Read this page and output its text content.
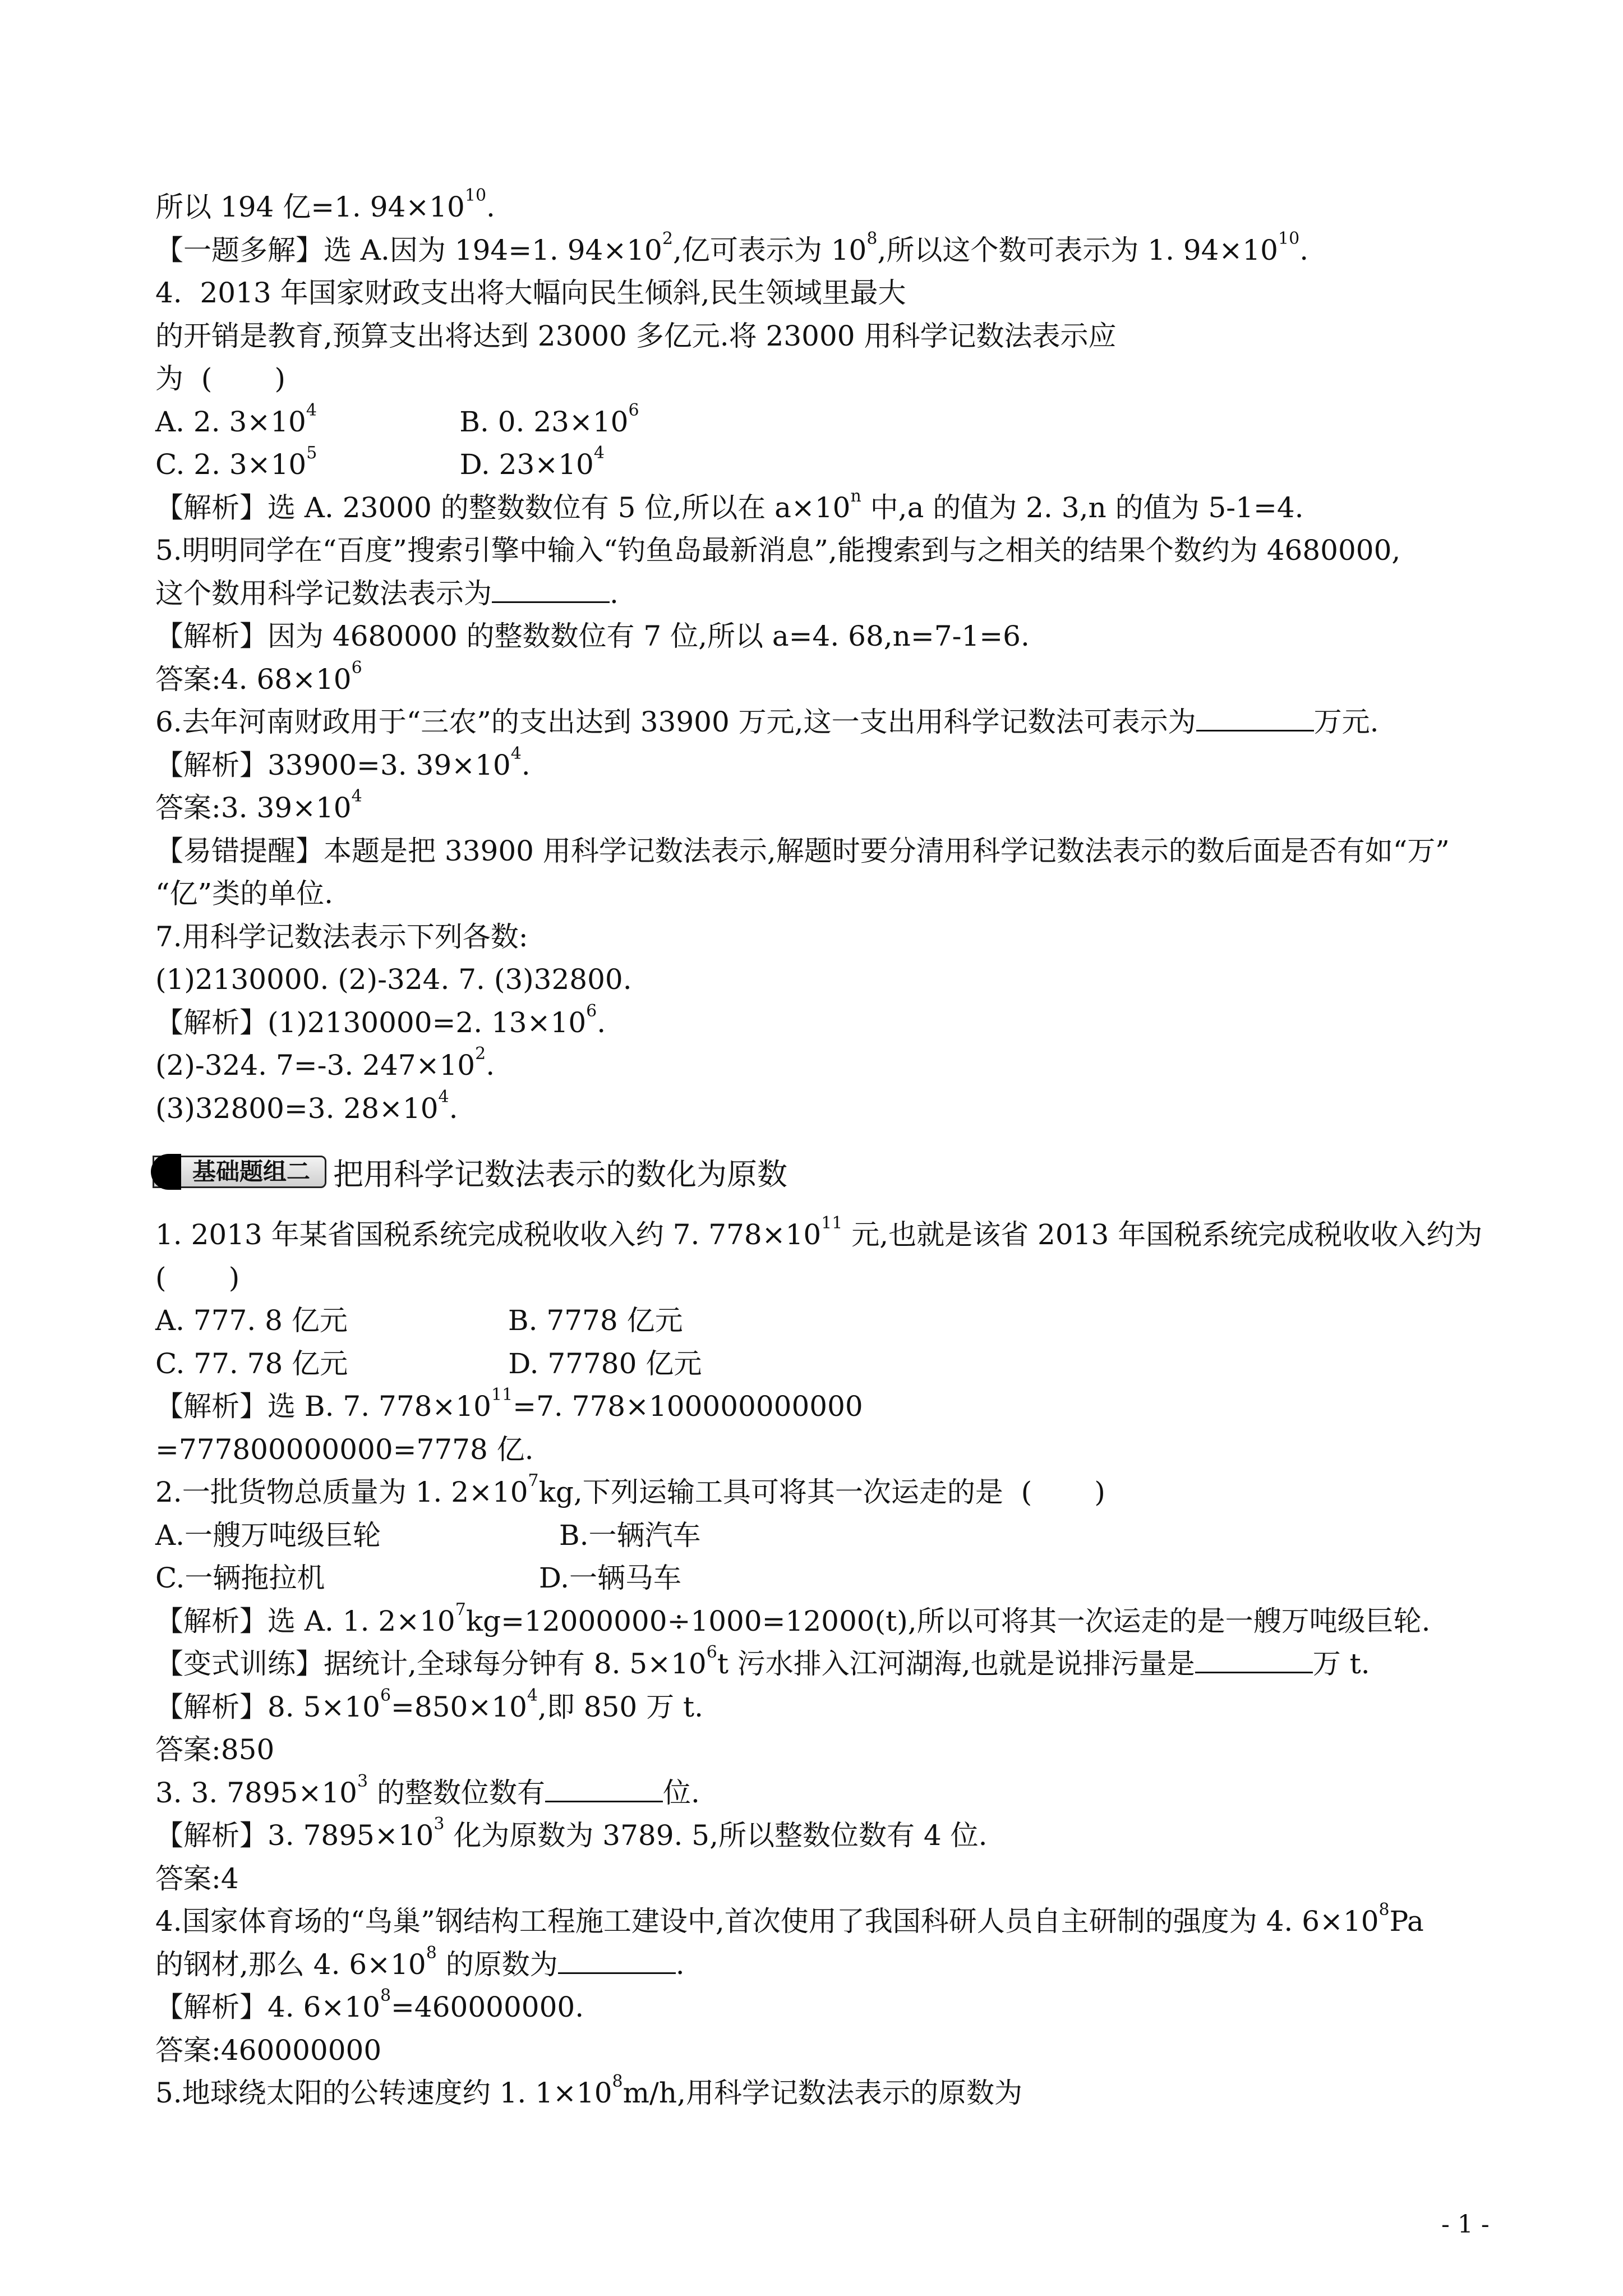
所以 194 亿=1. $94\times 10^{10}$.
【一题多解】选 A.因为 194=1. $94\times 10^2$,亿可表示为 $10^8$,所以这个数可表示为 1. $94\times 10^{10}$.
4.  2013 年国家财政支出将大幅向民生倾斜,民生领域里最大
的开销是教育,预算支出将达到 23000 多亿元.将 23000 用科学记数法表示应
为  (       )
A. 2. $3\times 10^4$                B. 0. $23\times 10^6$
C. 2. $3\times 10^5$                D. $23\times 10^4$
【解析】选 A. 23000 的整数数位有 5 位,所以在 $a\times 10^n$ 中,a 的值为 2. 3,n 的值为 5-1=4.
5.明明同学在“百度”搜索引擎中输入“钓鱼岛最新消息”,能搜索到与之相关的结果个数约为 4680000,
这个数用科学记数法表示为	.
【解析】因为 4680000 的整数数位有 7 位,所以 a=4. 68,n=7-1=6.
答案:4. $68\times 10^6$
6.去年河南财政用于“三农”的支出达到 33900 万元,这一支出用科学记数法可表示为	万元.
【解析】33900=3. $39\times 10^4$.
答案:3. $39\times 10^4$
【易错提醒】本题是把 33900 用科学记数法表示,解题时要分清用科学记数法表示的数后面是否有如“万”
“亿”类的单位.
7.用科学记数法表示下列各数:
(1)2130000. (2)-324. 7. (3)32800.
【解析】(1)2130000=2. $13\times 10^6$.
(2)-324. 7=-3. $247\times 10^2$.
(3)32800=3. $28\times 10^4$.
基础题组二 把用科学记数法表示的数化为原数
1. 2013 年某省国税系统完成税收收入约 7. $778\times 10^{11}$ 元,也就是该省 2013 年国税系统完成税收收入约为
(       )
A. 777. 8 亿元                  B. 7778 亿元
C. 77. 78 亿元                  D. 77780 亿元
【解析】选 B. 7. $778\times 10^{11}=7$. 778×100000000000
=777800000000=7778 亿.
2.一批货物总质量为 1. $2\times 10^7kg$,下列运输工具可将其一次运走的是  (       )
A.一艘万吨级巨轮                    B.一辆汽车
C.一辆拖拉机                        D.一辆马车
【解析】选 A. 1. $2\times 10^7kg=12000000\div 1000=12000(t)$,所以可将其一次运走的是一艘万吨级巨轮.
【变式训练】据统计,全球每分钟有 8. $5\times 10^6t$ 污水排入江河湖海,也就是说排污量是	万 t.
【解析】8. $5\times 10^6=850\times 10^4$,即 850 万 t.
答案:850
3. 3. $7895\times 10^3$ 的整数位数有	位.
【解析】3. $7895\times 10^3$ 化为原数为 3789. 5,所以整数位数有 4 位.
答案:4
4.国家体育场的“鸟巢”钢结构工程施工建设中,首次使用了我国科研人员自主研制的强度为 4. $6\times 10^8Pa$
的钢材,那么 4. $6\times 10^8$ 的原数为	.
【解析】4. $6\times 10^8=460000000$.
答案:460000000
5.地球绕太阳的公转速度约 1. $1\times 10^8m/h$,用科学记数法表示的原数为
- 1 -
